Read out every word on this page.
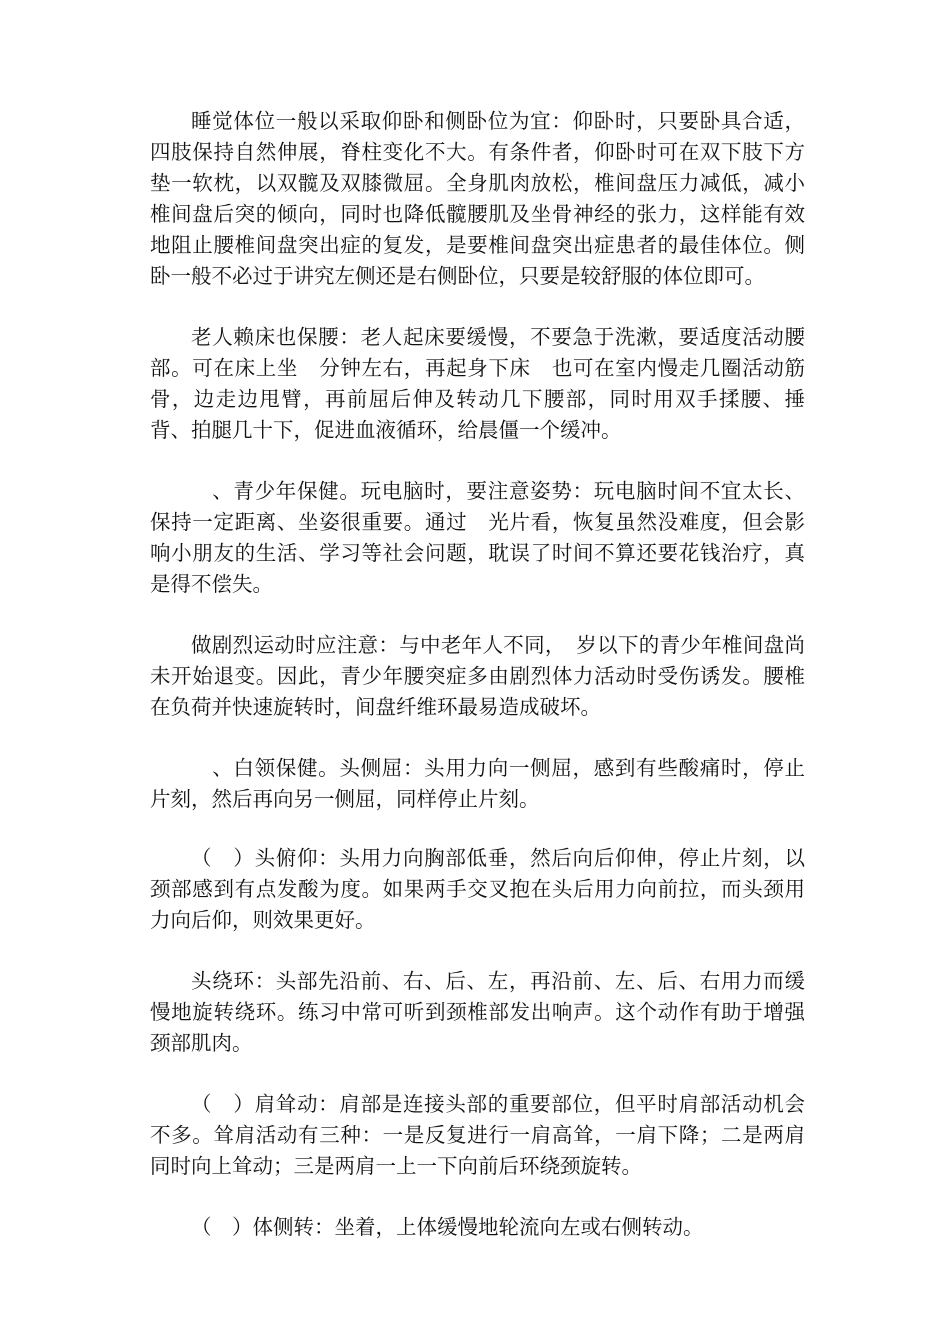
睡觉体位一般以采取仰卧和侧卧位为宜：仰卧时，只要卧具合适，四肢保持自然伸展，脊柱变化不大。有条件者，仰卧时可在双下肢下方垫一软枕，以双髋及双膝微屈。全身肌肉放松，椎间盘压力减低，减小椎间盘后突的倾向，同时也降低髋腰肌及坐骨神经的张力，这样能有效地阻止腰椎间盘突出症的复发，是要椎间盘突出症患者的最佳体位。侧卧一般不必过于讲究左侧还是右侧卧位，只要是较舒服的体位即可。

老人赖床也保腰：老人起床要缓慢，不要急于洗漱，要适度活动腰部。可在床上坐　分钟左右，再起身下床　也可在室内慢走几圈活动筋骨，边走边甩臂，再前屈后伸及转动几下腰部，同时用双手揉腰、捶背、拍腿几十下，促进血液循环，给晨僵一个缓冲。

　、青少年保健。玩电脑时，要注意姿势：玩电脑时间不宜太长、保持一定距离、坐姿很重要。通过　光片看，恢复虽然没难度，但会影响小朋友的生活、学习等社会问题，耽误了时间不算还要花钱治疗，真是得不偿失。

做剧烈运动时应注意：与中老年人不同，　岁以下的青少年椎间盘尚未开始退变。因此，青少年腰突症多由剧烈体力活动时受伤诱发。腰椎在负荷并快速旋转时，间盘纤维环最易造成破坏。

　、白领保健。头侧屈：头用力向一侧屈，感到有些酸痛时，停止片刻，然后再向另一侧屈，同样停止片刻。

（　）头俯仰：头用力向胸部低垂，然后向后仰伸，停止片刻，以颈部感到有点发酸为度。如果两手交叉抱在头后用力向前拉，而头颈用力向后仰，则效果更好。

头绕环：头部先沿前、右、后、左，再沿前、左、后、右用力而缓慢地旋转绕环。练习中常可听到颈椎部发出响声。这个动作有助于增强颈部肌肉。

（　）肩耸动：肩部是连接头部的重要部位，但平时肩部活动机会不多。耸肩活动有三种：一是反复进行一肩高耸，一肩下降；二是两肩同时向上耸动；三是两肩一上一下向前后环绕颈旋转。

（　）体侧转：坐着，上体缓慢地轮流向左或右侧转动。
